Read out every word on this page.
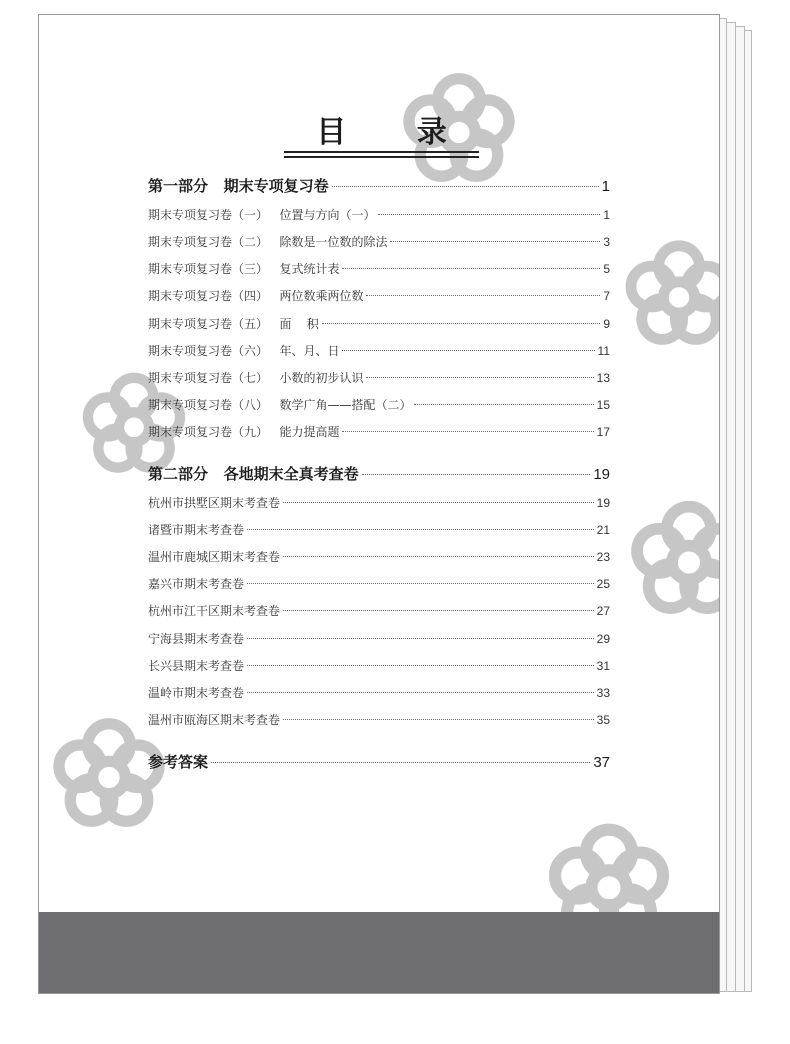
目 录
第一部分   期末专项复习卷	1
期末专项复习卷（一）   位置与方向（一）	1
期末专项复习卷（二）   除数是一位数的除法	3
期末专项复习卷（三）   复式统计表	5
期末专项复习卷（四）   两位数乘两位数	7
期末专项复习卷（五）   面    积	9
期末专项复习卷（六）   年、月、日	11
期末专项复习卷（七）   小数的初步认识	13
期末专项复习卷（八）   数学广角——搭配（二）	15
期末专项复习卷（九）   能力提高题	17
第二部分   各地期末全真考查卷	19
杭州市拱墅区期末考查卷	19
诸暨市期末考查卷	21
温州市鹿城区期末考查卷	23
嘉兴市期末考查卷	25
杭州市江干区期末考查卷	27
宁海县期末考查卷	29
长兴县期末考查卷	31
温岭市期末考查卷	33
温州市瓯海区期末考查卷	35
参考答案	37
